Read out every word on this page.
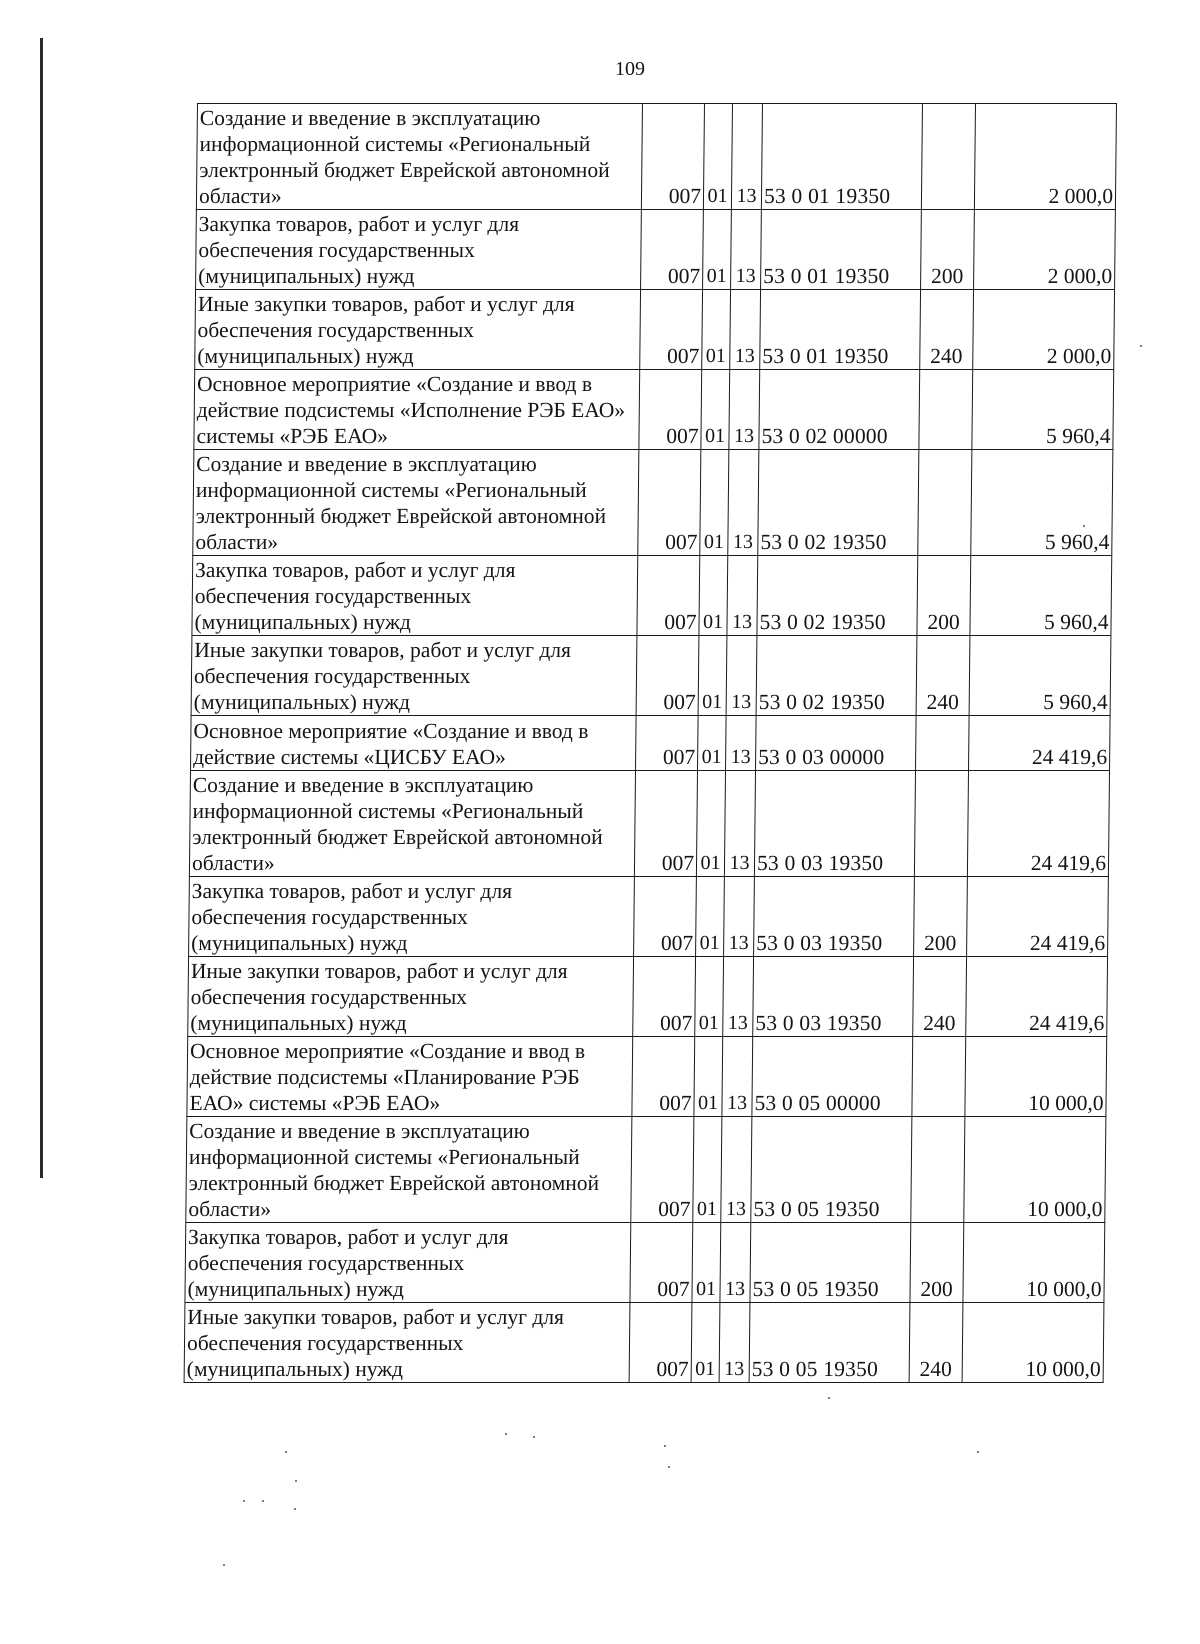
109
Создание и введение в эксплуатацию информационной системы «Региональный электронный бюджет Еврейской автономной области»	007	01	13	53 0 01 19350		2 000,0
Закупка товаров, работ и услуг для обеспечения государственных (муниципальных) нужд	007	01	13	53 0 01 19350	200	2 000,0
Иные закупки товаров, работ и услуг для обеспечения государственных (муниципальных) нужд	007	01	13	53 0 01 19350	240	2 000,0
Основное мероприятие «Создание и ввод в действие подсистемы «Исполнение РЭБ ЕАО» системы «РЭБ ЕАО»	007	01	13	53 0 02 00000		5 960,4
Создание и введение в эксплуатацию информационной системы «Региональный электронный бюджет Еврейской автономной области»	007	01	13	53 0 02 19350		5 960,4
Закупка товаров, работ и услуг для обеспечения государственных (муниципальных) нужд	007	01	13	53 0 02 19350	200	5 960,4
Иные закупки товаров, работ и услуг для обеспечения государственных (муниципальных) нужд	007	01	13	53 0 02 19350	240	5 960,4
Основное мероприятие «Создание и ввод в действие системы «ЦИСБУ ЕАО»	007	01	13	53 0 03 00000		24 419,6
Создание и введение в эксплуатацию информационной системы «Региональный электронный бюджет Еврейской автономной области»	007	01	13	53 0 03 19350		24 419,6
Закупка товаров, работ и услуг для обеспечения государственных (муниципальных) нужд	007	01	13	53 0 03 19350	200	24 419,6
Иные закупки товаров, работ и услуг для обеспечения государственных (муниципальных) нужд	007	01	13	53 0 03 19350	240	24 419,6
Основное мероприятие «Создание и ввод в действие подсистемы «Планирование РЭБ ЕАО» системы «РЭБ ЕАО»	007	01	13	53 0 05 00000		10 000,0
Создание и введение в эксплуатацию информационной системы «Региональный электронный бюджет Еврейской автономной области»	007	01	13	53 0 05 19350		10 000,0
Закупка товаров, работ и услуг для обеспечения государственных (муниципальных) нужд	007	01	13	53 0 05 19350	200	10 000,0
Иные закупки товаров, работ и услуг для обеспечения государственных (муниципальных) нужд	007	01	13	53 0 05 19350	240	10 000,0
